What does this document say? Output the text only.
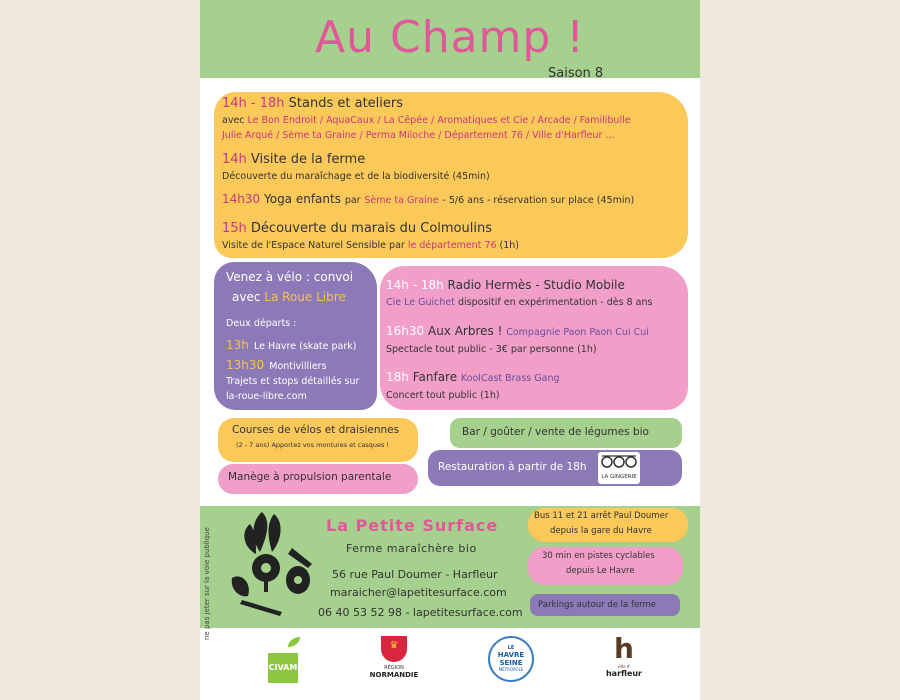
Au Champ !
Saison 8
14h - 18h Stands et ateliers
avec Le Bon Endroit / AquaCaux / La Cêpée / Aromatiques et Cie / Arcade / Familibulle
Julie Arqué / Sème ta Graine / Perma Miloche / Département 76 / Ville d'Harfleur ...
14h Visite de la ferme
Découverte du maraîchage et de la biodiversité (45min)
14h30 Yoga enfants par Sème ta Graine - 5/6 ans - réservation sur place (45min)
15h Découverte du marais du Colmoulins
Visite de l'Espace Naturel Sensible par le département 76 (1h)
Venez à vélo : convoi
avec La Roue Libre
Deux départs :
13h Le Havre (skate park)
13h30 Montivilliers
Trajets et stops détaillés sur
la-roue-libre.com
14h - 18h Radio Hermès - Studio Mobile
Cie Le Guichet dispositif en expérimentation - dès 8 ans
16h30 Aux Arbres ! Compagnie Paon Paon Cui Cui
Spectacle tout public - 3€ par personne (1h)
18h Fanfare KoolCast Brass Gang
Concert tout public (1h)
Courses de vélos et draisiennes
(2 - 7 ans) Apportez vos montures et casques !
Bar / goûter / vente de légumes bio
Restauration à partir de 18h
LA GINGERIE
Manège à propulsion parentale
ne pas jeter sur la voie publique
La Petite Surface
Ferme maraîchère bio
56 rue Paul Doumer - Harfleur
maraicher@lapetitesurface.com
06 40 53 52 98 - lapetitesurface.com
Bus 11 et 21 arrêt Paul Doumer
depuis la gare du Havre
30 min en pistes cyclables
depuis Le Havre
Parkings autour de la ferme
CIVAM
♛
RÉGION
NORMANDIE
LE
HAVRE
SEINE
MÉTROPOLE
h
ville d'
harfleur
